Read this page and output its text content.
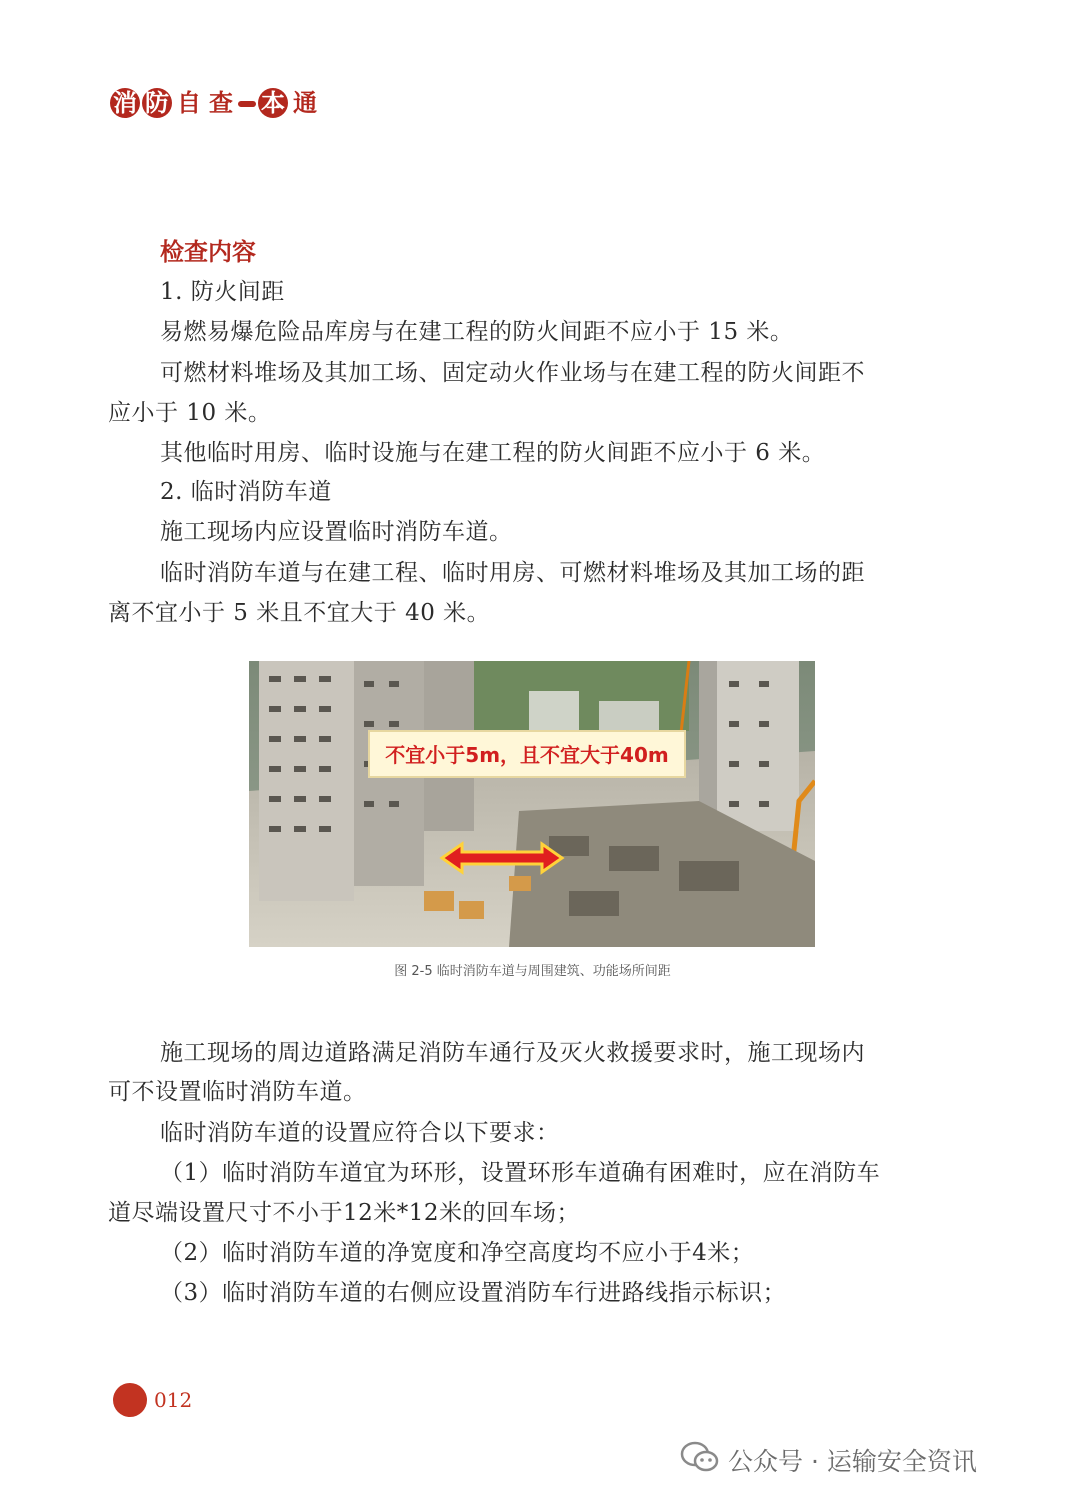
消 防 自 查 本 通
检查内容
1. 防火间距
易燃易爆危险品库房与在建工程的防火间距不应小于 15 米。
可燃材料堆场及其加工场、固定动火作业场与在建工程的防火间距不
应小于 10 米。
其他临时用房、临时设施与在建工程的防火间距不应小于 6 米。
2. 临时消防车道
施工现场内应设置临时消防车道。
临时消防车道与在建工程、临时用房、可燃材料堆场及其加工场的距
离不宜小于 5 米且不宜大于 40 米。
不宜小于5m，且不宜大于40m
图 2-5 临时消防车道与周围建筑、功能场所间距
施工现场的周边道路满足消防车通行及灭火救援要求时，施工现场内
可不设置临时消防车道。
临时消防车道的设置应符合以下要求：
（1）临时消防车道宜为环形，设置环形车道确有困难时，应在消防车
道尽端设置尺寸不小于12米*12米的回车场；
（2）临时消防车道的净宽度和净空高度均不应小于4米；
（3）临时消防车道的右侧应设置消防车行进路线指示标识；
012
公众号 · 运输安全资讯
